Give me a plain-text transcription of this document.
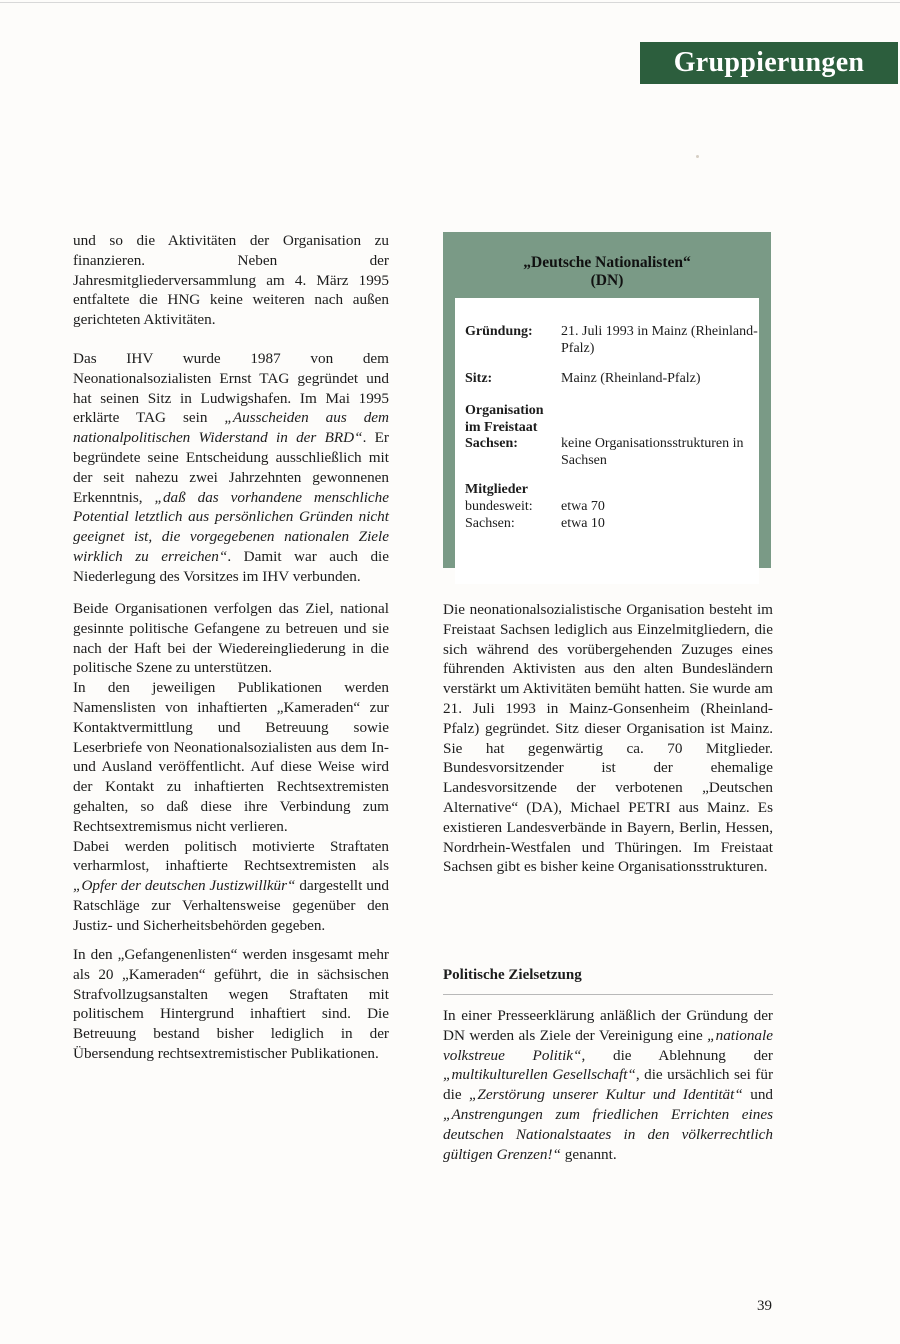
Gruppierungen

und so die Aktivitäten der Organisation zu finanzieren. Neben der Jahresmitgliederversammlung am 4. März 1995 entfaltete die HNG keine weiteren nach außen gerichteten Aktivitäten.

Das IHV wurde 1987 von dem Neonationalsozialisten Ernst TAG gegründet und hat seinen Sitz in Ludwigshafen. Im Mai 1995 erklärte TAG sein „Ausscheiden aus dem nationalpolitischen Widerstand in der BRD“. Er begründete seine Entscheidung ausschließlich mit der seit nahezu zwei Jahrzehnten gewonnenen Erkenntnis, „daß das vorhandene menschliche Potential letztlich aus persönlichen Gründen nicht geeignet ist, die vorgegebenen nationalen Ziele wirklich zu erreichen“. Damit war auch die Niederlegung des Vorsitzes im IHV verbunden.

Beide Organisationen verfolgen das Ziel, national gesinnte politische Gefangene zu betreuen und sie nach der Haft bei der Wiedereingliederung in die politische Szene zu unterstützen.

In den jeweiligen Publikationen werden Namenslisten von inhaftierten „Kameraden“ zur Kontaktvermittlung und Betreuung sowie Leserbriefe von Neonationalsozialisten aus dem In- und Ausland veröffentlicht. Auf diese Weise wird der Kontakt zu inhaftierten Rechtsextremisten gehalten, so daß diese ihre Verbindung zum Rechtsextremismus nicht verlieren.

Dabei werden politisch motivierte Straftaten verharmlost, inhaftierte Rechtsextremisten als „Opfer der deutschen Justizwillkür“ dargestellt und Ratschläge zur Verhaltensweise gegenüber den Justiz- und Sicherheitsbehörden gegeben.

In den „Gefangenenlisten“ werden insgesamt mehr als 20 „Kameraden“ geführt, die in sächsischen Strafvollzugsanstalten wegen Straftaten mit politischem Hintergrund inhaftiert sind. Die Betreuung bestand bisher lediglich in der Übersendung rechtsextremistischer Publikationen.

„Deutsche Nationalisten“
(DN)
Gründung:	21. Juli 1993 in Mainz (Rheinland-Pfalz)
Sitz:	Mainz (Rheinland-Pfalz)
Organisation
im Freistaat
Sachsen:	keine Organisationsstrukturen in Sachsen
Mitglieder
bundesweit:	etwa 70
Sachsen:	etwa 10

Die neonationalsozialistische Organisation besteht im Freistaat Sachsen lediglich aus Einzelmitgliedern, die sich während des vorübergehenden Zuzuges eines führenden Aktivisten aus den alten Bundesländern verstärkt um Aktivitäten bemüht hatten. Sie wurde am 21. Juli 1993 in Mainz-Gonsenheim (Rheinland-Pfalz) gegründet. Sitz dieser Organisation ist Mainz. Sie hat gegenwärtig ca. 70 Mitglieder. Bundesvorsitzender ist der ehemalige Landesvorsitzende der verbotenen „Deutschen Alternative“ (DA), Michael PETRI aus Mainz. Es existieren Landesverbände in Bayern, Berlin, Hessen, Nordrhein-Westfalen und Thüringen. Im Freistaat Sachsen gibt es bisher keine Organisationsstrukturen.

Politische Zielsetzung

In einer Presseerklärung anläßlich der Gründung der DN werden als Ziele der Vereinigung eine „nationale volkstreue Politik“, die Ablehnung der „multikulturellen Gesellschaft“, die ursächlich sei für die „Zerstörung unserer Kultur und Identität“ und „Anstrengungen zum friedlichen Errichten eines deutschen Nationalstaates in den völkerrechtlich gültigen Grenzen!“ genannt.

39
